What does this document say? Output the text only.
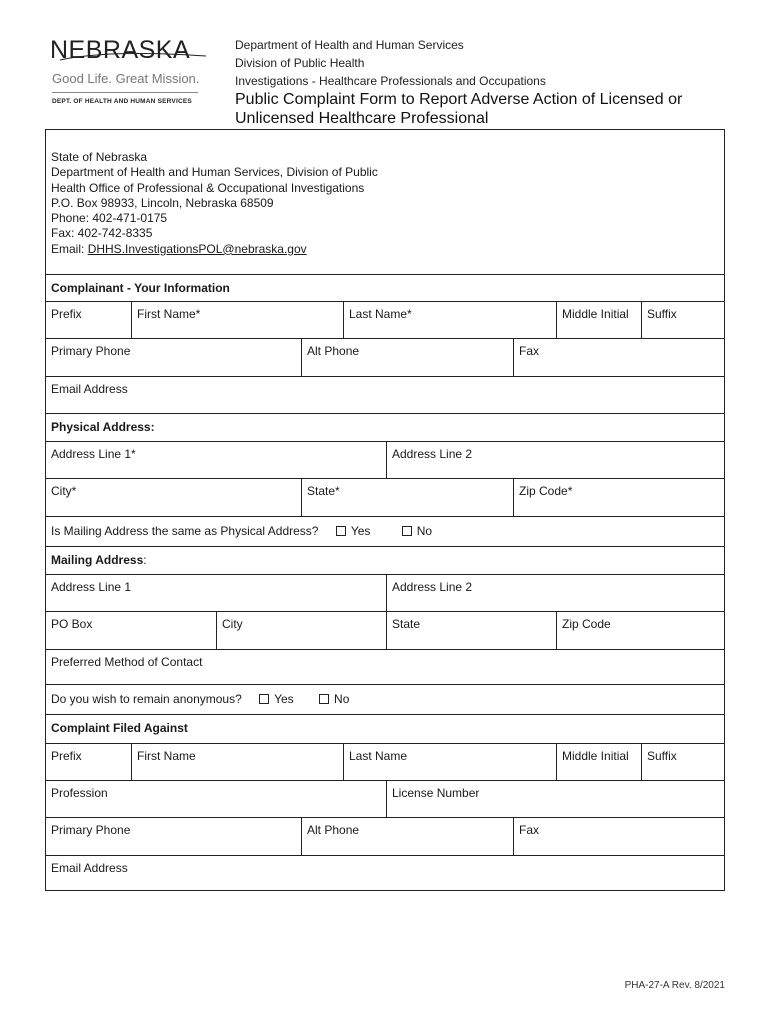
NEBRASKA
Good Life. Great Mission.
DEPT. OF HEALTH AND HUMAN SERVICES
Department of Health and Human Services
Division of Public Health
Investigations - Healthcare Professionals and Occupations
Public Complaint Form to Report Adverse Action of Licensed or
Unlicensed Healthcare Professional

State of Nebraska

Department of Health and Human Services, Division of Public

Health Office of Professional & Occupational Investigations

P.O. Box 98933, Lincoln, Nebraska 68509

Phone: 402-471-0175

Fax: 402-742-8335

Email: DHHS.InvestigationsPOL@nebraska.gov

Complainant - Your Information
Prefix	First Name*	Last Name*	Middle Initial	Suffix
Primary Phone	Alt Phone	Fax
Email Address
Physical Address:
Address Line 1*	Address Line 2
City*	State*	Zip Code*
Is Mailing Address the same as Physical Address?	Yes	No
Mailing Address:
Address Line 1	Address Line 2
PO Box	City	State	Zip Code
Preferred Method of Contact
Do you wish to remain anonymous?	Yes	No
Complaint Filed Against
Prefix	First Name	Last Name	Middle Initial	Suffix
Profession	License Number
Primary Phone	Alt Phone	Fax
Email Address
PHA-27-A Rev. 8/2021
